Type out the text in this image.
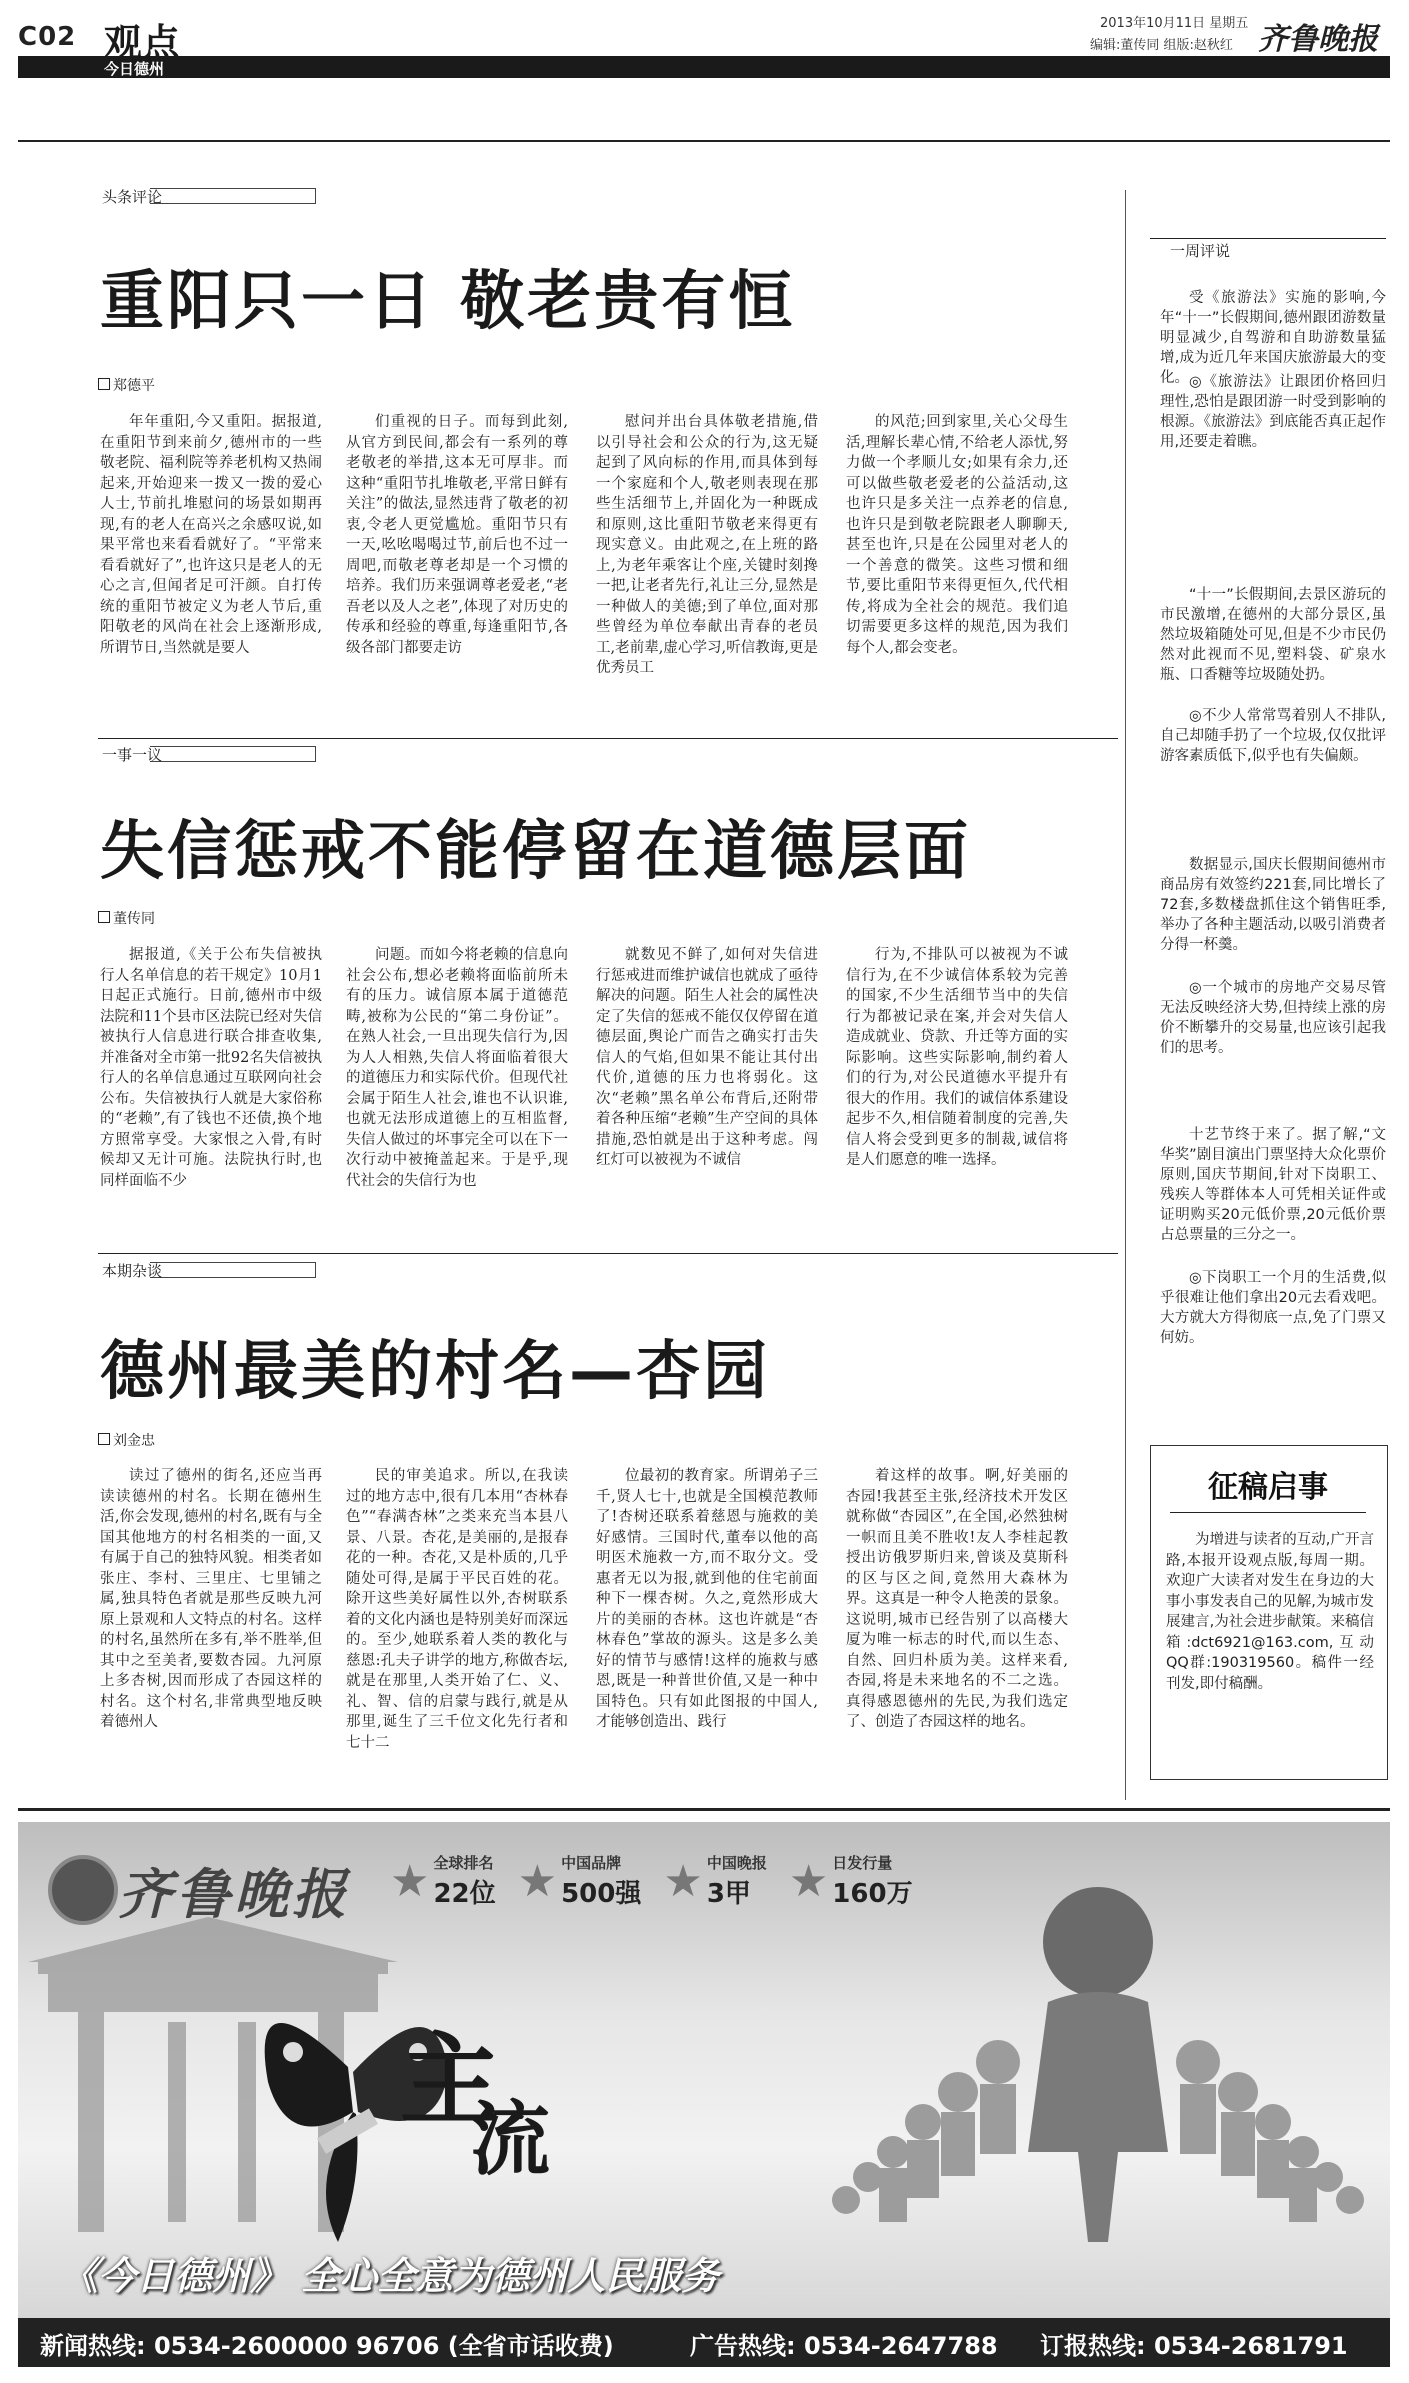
C02 观点
今日德州
2013年10月11日 星期五
编辑:董传同 组版:赵秋红 齐鲁晚报
头条评论
重阳只一日 敬老贵有恒
郑德平
年年重阳,今又重阳。据报道,在重阳节到来前夕,德州市的一些敬老院、福利院等养老机构又热闹起来,开始迎来一拨又一拨的爱心人士,节前扎堆慰问的场景如期再现,有的老人在高兴之余感叹说,如果平常也来看看就好了。“平常来看看就好了”,也许这只是老人的无心之言,但闻者足可汗颜。自打传统的重阳节被定义为老人节后,重阳敬老的风尚在社会上逐渐形成,所谓节日,当然就是要人
们重视的日子。而每到此刻,从官方到民间,都会有一系列的尊老敬老的举措,这本无可厚非。而这种“重阳节扎堆敬老,平常日鲜有关注”的做法,显然违背了敬老的初衷,令老人更觉尴尬。重阳节只有一天,吆吆喝喝过节,前后也不过一周吧,而敬老尊老却是一个习惯的培养。我们历来强调尊老爱老,“老吾老以及人之老”,体现了对历史的传承和经验的尊重,每逢重阳节,各级各部门都要走访
慰问并出台具体敬老措施,借以引导社会和公众的行为,这无疑起到了风向标的作用,而具体到每一个家庭和个人,敬老则表现在那些生活细节上,并固化为一种既成和原则,这比重阳节敬老来得更有现实意义。由此观之,在上班的路上,为老年乘客让个座,关键时刻搀一把,让老者先行,礼让三分,显然是一种做人的美德;到了单位,面对那些曾经为单位奉献出青春的老员工,老前辈,虚心学习,听信教诲,更是优秀员工
的风范;回到家里,关心父母生活,理解长辈心情,不给老人添忧,努力做一个孝顺儿女;如果有余力,还可以做些敬老爱老的公益活动,这也许只是多关注一点养老的信息,也许只是到敬老院跟老人聊聊天,甚至也许,只是在公园里对老人的一个善意的微笑。这些习惯和细节,要比重阳节来得更恒久,代代相传,将成为全社会的规范。我们追切需要更多这样的规范,因为我们每个人,都会变老。
一事一议
失信惩戒不能停留在道德层面
董传同
据报道,《关于公布失信被执行人名单信息的若干规定》10月1日起正式施行。日前,德州市中级法院和11个县市区法院已经对失信被执行人信息进行联合排查收集,并准备对全市第一批92名失信被执行人的名单信息通过互联网向社会公布。失信被执行人就是大家俗称的“老赖”,有了钱也不还债,换个地方照常享受。大家恨之入骨,有时候却又无计可施。法院执行时,也同样面临不少
问题。而如今将老赖的信息向社会公布,想必老赖将面临前所未有的压力。诚信原本属于道德范畴,被称为公民的“第二身份证”。在熟人社会,一旦出现失信行为,因为人人相熟,失信人将面临着很大的道德压力和实际代价。但现代社会属于陌生人社会,谁也不认识谁,也就无法形成道德上的互相监督,失信人做过的坏事完全可以在下一次行动中被掩盖起来。于是乎,现代社会的失信行为也
就数见不鲜了,如何对失信进行惩戒进而维护诚信也就成了亟待解决的问题。陌生人社会的属性决定了失信的惩戒不能仅仅停留在道德层面,舆论广而告之确实打击失信人的气焰,但如果不能让其付出代价,道德的压力也将弱化。这次“老赖”黑名单公布背后,还附带着各种压缩“老赖”生产空间的具体措施,恐怕就是出于这种考虑。闯红灯可以被视为不诚信
行为,不排队可以被视为不诚信行为,在不少诚信体系较为完善的国家,不少生活细节当中的失信行为都被记录在案,并会对失信人造成就业、贷款、升迁等方面的实际影响。这些实际影响,制约着人们的行为,对公民道德水平提升有很大的作用。我们的诚信体系建设起步不久,相信随着制度的完善,失信人将会受到更多的制裁,诚信将是人们愿意的唯一选择。
本期杂谈
德州最美的村名—杏园
刘金忠
读过了德州的街名,还应当再读读德州的村名。长期在德州生活,你会发现,德州的村名,既有与全国其他地方的村名相类的一面,又有属于自己的独特风貌。相类者如张庄、李村、三里庄、七里铺之属,独具特色者就是那些反映九河原上景观和人文特点的村名。这样的村名,虽然所在多有,举不胜举,但其中之至美者,要数杏园。九河原上多杏树,因而形成了杏园这样的村名。这个村名,非常典型地反映着德州人
民的审美追求。所以,在我读过的地方志中,很有几本用“杏林春色”“春满杏林”之类来充当本县八景、八景。杏花,是美丽的,是报春花的一种。杏花,又是朴质的,几乎随处可得,是属于平民百姓的花。除开这些美好属性以外,杏树联系着的文化内涵也是特别美好而深远的。至少,她联系着人类的教化与慈恩:孔夫子讲学的地方,称做杏坛,就是在那里,人类开始了仁、义、礼、智、信的启蒙与践行,就是从那里,诞生了三千位文化先行者和七十二
位最初的教育家。所谓弟子三千,贤人七十,也就是全国模范教师了!杏树还联系着慈恩与施救的美好感情。三国时代,董奉以他的高明医术施救一方,而不取分文。受惠者无以为报,就到他的住宅前面种下一棵杏树。久之,竟然形成大片的美丽的杏林。这也许就是“杏林春色”掌故的源头。这是多么美好的情节与感情!这样的施救与感恩,既是一种普世价值,又是一种中国特色。只有如此图报的中国人,才能够创造出、践行
着这样的故事。啊,好美丽的杏园!我甚至主张,经济技术开发区就称做“杏园区”,在全国,必然独树一帜而且美不胜收!友人李桂起教授出访俄罗斯归来,曾谈及莫斯科的区与区之间,竟然用大森林为界。这真是一种令人艳羡的景象。这说明,城市已经告别了以高楼大厦为唯一标志的时代,而以生态、自然、回归朴质为美。这样来看,杏园,将是未来地名的不二之选。真得感恩德州的先民,为我们选定了、创造了杏园这样的地名。
一周评说

受《旅游法》实施的影响,今年“十一”长假期间,德州跟团游数量明显减少,自驾游和自助游数量猛增,成为近几年来国庆旅游最大的变化。 ◎《旅游法》让跟团价格回归理性,恐怕是跟团游一时受到影响的根源。《旅游法》到底能否真正起作用,还要走着瞧。

“十一”长假期间,去景区游玩的市民激增,在德州的大部分景区,虽然垃圾箱随处可见,但是不少市民仍然对此视而不见,塑料袋、矿泉水瓶、口香糖等垃圾随处扔。

◎不少人常常骂着别人不排队,自己却随手扔了一个垃圾,仅仅批评游客素质低下,似乎也有失偏颇。

数据显示,国庆长假期间德州市商品房有效签约221套,同比增长了72套,多数楼盘抓住这个销售旺季,举办了各种主题活动,以吸引消费者分得一杯羹。

◎一个城市的房地产交易尽管无法反映经济大势,但持续上涨的房价不断攀升的交易量,也应该引起我们的思考。

十艺节终于来了。据了解,“文华奖”剧目演出门票坚持大众化票价原则,国庆节期间,针对下岗职工、残疾人等群体本人可凭相关证件或证明购买20元低价票,20元低价票占总票量的三分之一。

◎下岗职工一个月的生活费,似乎很难让他们拿出20元去看戏吧。大方就大方得彻底一点,免了门票又何妨。

征稿启事
为增进与读者的互动,广开言路,本报开设观点版,每周一期。欢迎广大读者对发生在身边的大事小事发表自己的见解,为城市发展建言,为社会进步献策。来稿信箱:dct6921@163.com,互动QQ群:190319560。稿件一经刊发,即付稿酬。
齐鲁晚报 ★ 全球排名
22位 ★ 中国品牌
500强 ★ 中国晚报
3甲 ★ 日发行量
160万
主
流
《今日德州》 全心全意为德州人民服务
新闻热线: 0534-2600000 96706 (全省市话收费)	广告热线: 0534-2647788 订报热线: 0534-2681791
